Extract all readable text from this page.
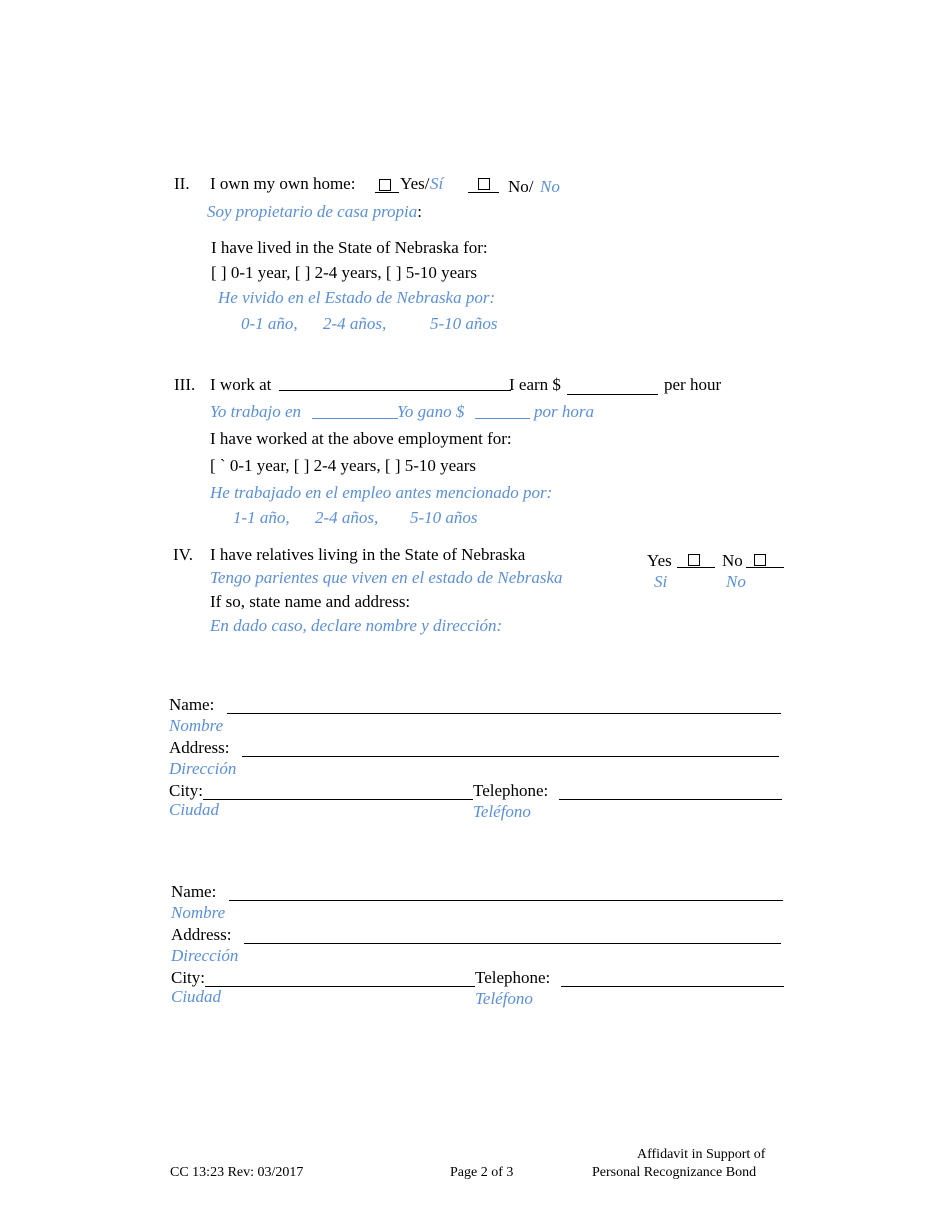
II. I own my own home:	Yes/ Sí	No/ No
Soy propietario de casa propia:
I have lived in the State of Nebraska for:
[ ] 0-1 year, [ ] 2-4 years, [ ] 5-10 years
He vivido en el Estado de Nebraska por:
0-1 año, 2-4 años,	5-10 años
III. I work at	I earn $	per hour
Yo trabajo en	Yo gano $	por hora
I have worked at the above employment for:
[ ` 0-1 year, [ ] 2-4 years, [ ] 5-10 years
He trabajado en el empleo antes mencionado por:
1-1 año, 2-4 años, 5-10 años
IV. I have relatives living in the State of Nebraska
Tengo parientes que viven en el estado de Nebraska
Yes	No
Si	No
If so, state name and address:
En dado caso, declare nombre y dirección:
Name:
Nombre
Address:
Dirección
City:
Ciudad
Telephone:
Teléfono
Name:
Nombre
Address:
Dirección
City:
Ciudad
Telephone:
Teléfono
CC 13:23 Rev: 03/2017	Page 2 of 3
Affidavit in Support of
Personal Recognizance Bond
